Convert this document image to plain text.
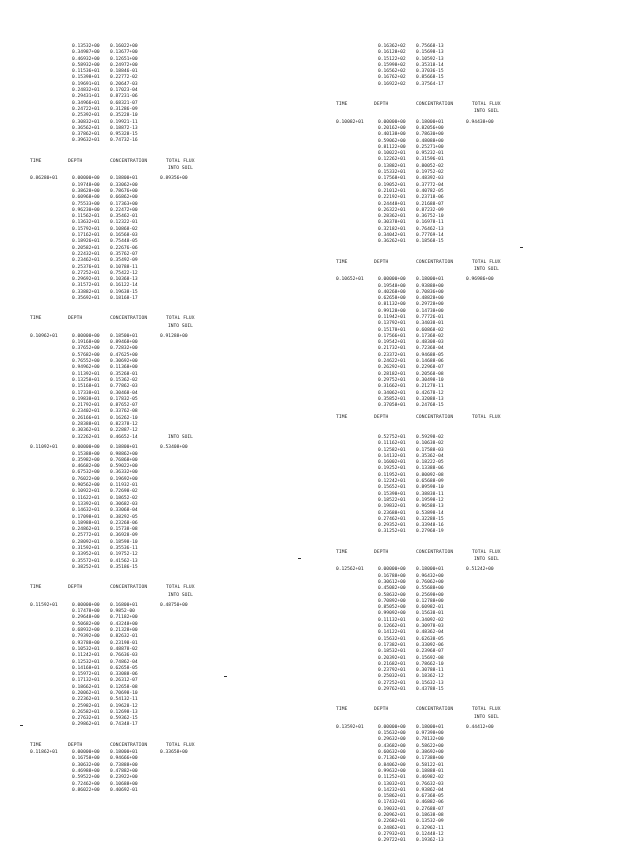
0.13532+00	0.16022+00
0.34987+00	0.13677+00
0.46932+00	0.12651+00
0.58932+00	0.24972+00
0.11536+01	0.18846-01
0.15398+01	0.22772-02
0.19691+01	0.20647-03
0.24832+01	0.17023-04
0.29431+01	0.87231-06
0.34966+01	0.68321-07
0.24722+01	0.31286-09
0.25392+01	0.35228-10
0.30832+01	0.19921-11
0.36562+01	0.18872-13
0.37862+01	0.95328-15
0.39632+01	0.74732-16
TIME	DEPTH	CONCENTRATION	TOTAL FLUX
INTO SOIL
0.86280+01	0.00000+00	0.18800+01	0.89356+00
0.19748+00	0.33062+00
0.38628+00	0.78676+00
0.60968+00	0.66862+00
0.75533+00	0.17363+00
0.96230+00	0.22472+00
0.11562+01	0.35462-01
0.13632+01	0.12322-01
0.15792+01	0.10868-02
0.17162+01	0.16568-03
0.18926+01	0.75448-05
0.20582+01	0.22676-06
0.22432+01	0.35762-07
0.23462+01	0.35492-09
0.25376+01	0.10788-11
0.27252+01	0.75422-12
0.29692+01	0.10368-13
0.31572+01	0.16122-14
0.33882+01	0.19638-15
0.35692+01	0.18168-17
TIME	DEPTH	CONCENTRATION	TOTAL FLUX
INTO SOIL
0.10962+01	0.00000+00	0.18500+01	0.91288+00
0.19168+00	0.89468+00
0.37652+00	0.72832+00
0.57682+00	0.47625+00
0.76552+00	0.30692+00
0.94962+00	0.11368+00
0.11392+01	0.35268-01
0.13258+01	0.15362-02
0.15168+01	0.77862-03
0.17338+01	0.30468-04
0.19838+01	0.17832-05
0.21792+01	0.87652-07
0.23402+01	0.33762-08
0.26166+01	0.16262-10
0.28388+01	0.82378-12
0.30362+01	0.22887-12
0.32262+01	0.46652-14
0.16362+02	0.75668-13
0.16128+02	0.15698-13
0.15122+02	0.10592-13
0.15998+02	0.35318-14
0.16562+02	0.37036-15
0.16762+02	0.85668-15
0.16922+02	0.37564-17
TIME	DEPTH	CONCENTRATION	TOTAL FLUX
INTO SOIL
0.10082+01	0.00000+00	0.18000+01	0.94438+00
0.20162+00	0.82056+00
0.40138+00	0.78630+00
0.59062+00	0.48088+00
0.81122+00	0.25271+00
0.10022+01	0.95232-01
0.12262+01	0.31596-01
0.13882+01	0.80052-02
0.15332+01	0.19752-02
0.17568+01	0.48392-03
0.19052+01	0.37772-04
0.21012+01	0.40782-05
0.22192+01	0.23718-06
0.24448+01	0.21688-07
0.26322+01	0.87232-09
0.28362+01	0.36752-10
0.30378+01	0.16978-11
0.32182+01	0.76462-13
0.34042+01	0.77769-14
0.36262+01	0.18568-15
TIME	DEPTH	CONCENTRATION	TOTAL FLUX
INTO SOIL
0.10652+01	0.00000+00	0.18000+01	0.96986+00
0.19548+00	0.93888+00
0.40268+00	0.70836+00
0.62658+00	0.48828+00
0.81132+00	0.29728+00
0.99128+00	0.14738+00
0.11942+01	0.77726-01
0.13792+01	0.34038-01
0.15178+01	0.60868-02
0.17566+01	0.17368-02
0.19542+01	0.48308-03
0.21732+01	0.72368-04
0.23372+01	0.94688-05
0.24622+01	0.14688-06
0.26292+01	0.22968-07
0.28182+01	0.20568-08
0.29752+01	0.30498-10
0.31662+01	0.21278-11
0.34062+01	0.42678-12
0.35852+01	0.32088-13
0.37058+01	0.24768-15
TIME	DEPTH	CONCENTRATION	TOTAL FLUX
INTO SOIL
0.11092+01	0.00000+00	0.18800+01	0.53408+00
0.15388+00	0.98862+00
0.35982+00	0.76868+00
0.46682+00	0.59022+00
0.67532+00	0.36332+00
0.76022+00	0.19692+00
0.90562+00	0.11932-01
0.10922+01	0.72698-02
0.11622+01	0.18652-02
0.13392+01	0.30682-03
0.14632+01	0.33068-04
0.17098+01	0.38292-05
0.18988+01	0.23268-06
0.24862+01	0.15738-08
0.25772+01	0.36928-09
0.28092+01	0.18598-10
0.31592+01	0.35536-11
0.33952+01	0.19752-12
0.35572+01	0.41562-13
0.38252+01	0.35186-15
TIME	DEPTH	CONCENTRATION	TOTAL FLUX
INTO SOIL
0.11592+01	0.00000+00	0.16800+01	0.48750+00
0.17478+00	0.9852-00
0.29648+00	0.71182+00
0.50682+00	0.43248+00
0.68932+00	0.21328+00
0.79392+00	0.82632-01
0.93788+00	0.23198-01
0.10532+01	0.48878-02
0.11242+01	0.76636-03
0.12532+01	0.74862-04
0.14168+01	0.62658-05
0.15972+01	0.33088-06
0.17132+01	0.26312-07
0.18662+01	0.12658-08
0.20062+01	0.70698-10
0.22362+01	0.54132-11
0.25982+01	0.19628-12
0.26582+01	0.12698-13
0.27632+01	0.59362-15
0.29862+01	0.74348-17
TIME	DEPTH	CONCENTRATION	TOTAL FLUX
0.11862+01	0.00000+00	0.18000+01	0.33658+00
0.16758+00	0.94666+00
0.30632+00	0.73888+00
0.46988+00	0.47882+00
0.59522+00	0.23922+00
0.72462+00	0.10688+00
0.86022+00	0.40692-01
0.52752+01	0.59298-02
0.11162+01	0.10638-02
0.12582+01	0.17588-03
0.14132+01	0.35362-04
0.16002+01	0.18222-05
0.19252+01	0.13388-06
0.11952+01	0.80092-08
0.12242+01	0.65688-09
0.15652+01	0.89598-10
0.15398+01	0.38838-11
0.18522+01	0.19598-12
0.19832+01	0.96588-13
0.23688+01	0.53898-14
0.27462+01	0.32288-15
0.29352+01	0.33948-16
0.31252+01	0.27968-19
TIME	DEPTH	CONCENTRATION	TOTAL FLUX
INTO SOIL
0.12562+01	0.00000+00	0.18000+01	0.51242+00
0.16788+00	0.96432+00
0.30612+00	0.76062+00
0.45082+00	0.55688+00
0.58632+00	0.25698+00
0.70892+00	0.12788+00
0.85052+00	0.60982-01
0.99092+00	0.15638-01
0.11132+01	0.34092-02
0.12662+01	0.30978-03
0.14122+01	0.48362-04
0.15632+01	0.62638-05
0.17382+01	0.33092-06
0.18532+01	0.23968-07
0.20392+01	0.15692-08
0.21682+01	0.78662-10
0.23792+01	0.30788-11
0.25032+01	0.18362-12
0.27252+01	0.15632-13
0.29762+01	0.43788-15
TIME	DEPTH	CONCENTRATION	TOTAL FLUX
INTO SOIL
0.13592+01	0.00000+00	0.18000+01	0.44412+00
0.15632+00	0.97398+00
0.29632+00	0.78132+00
0.43682+00	0.58622+00
0.60632+00	0.38692+00
0.71362+00	0.17388+00
0.84062+00	0.58122-01
0.99632+00	0.18888-01
0.11252+01	0.46982-02
0.13032+01	0.76632-03
0.14232+01	0.93862-04
0.15862+01	0.67368-05
0.17432+01	0.46882-06
0.19032+01	0.27688-07
0.20962+01	0.18638-08
0.22682+01	0.13532-09
0.24862+01	0.32962-11
0.27932+01	0.12448-12
0.29722+01	0.19362-13
